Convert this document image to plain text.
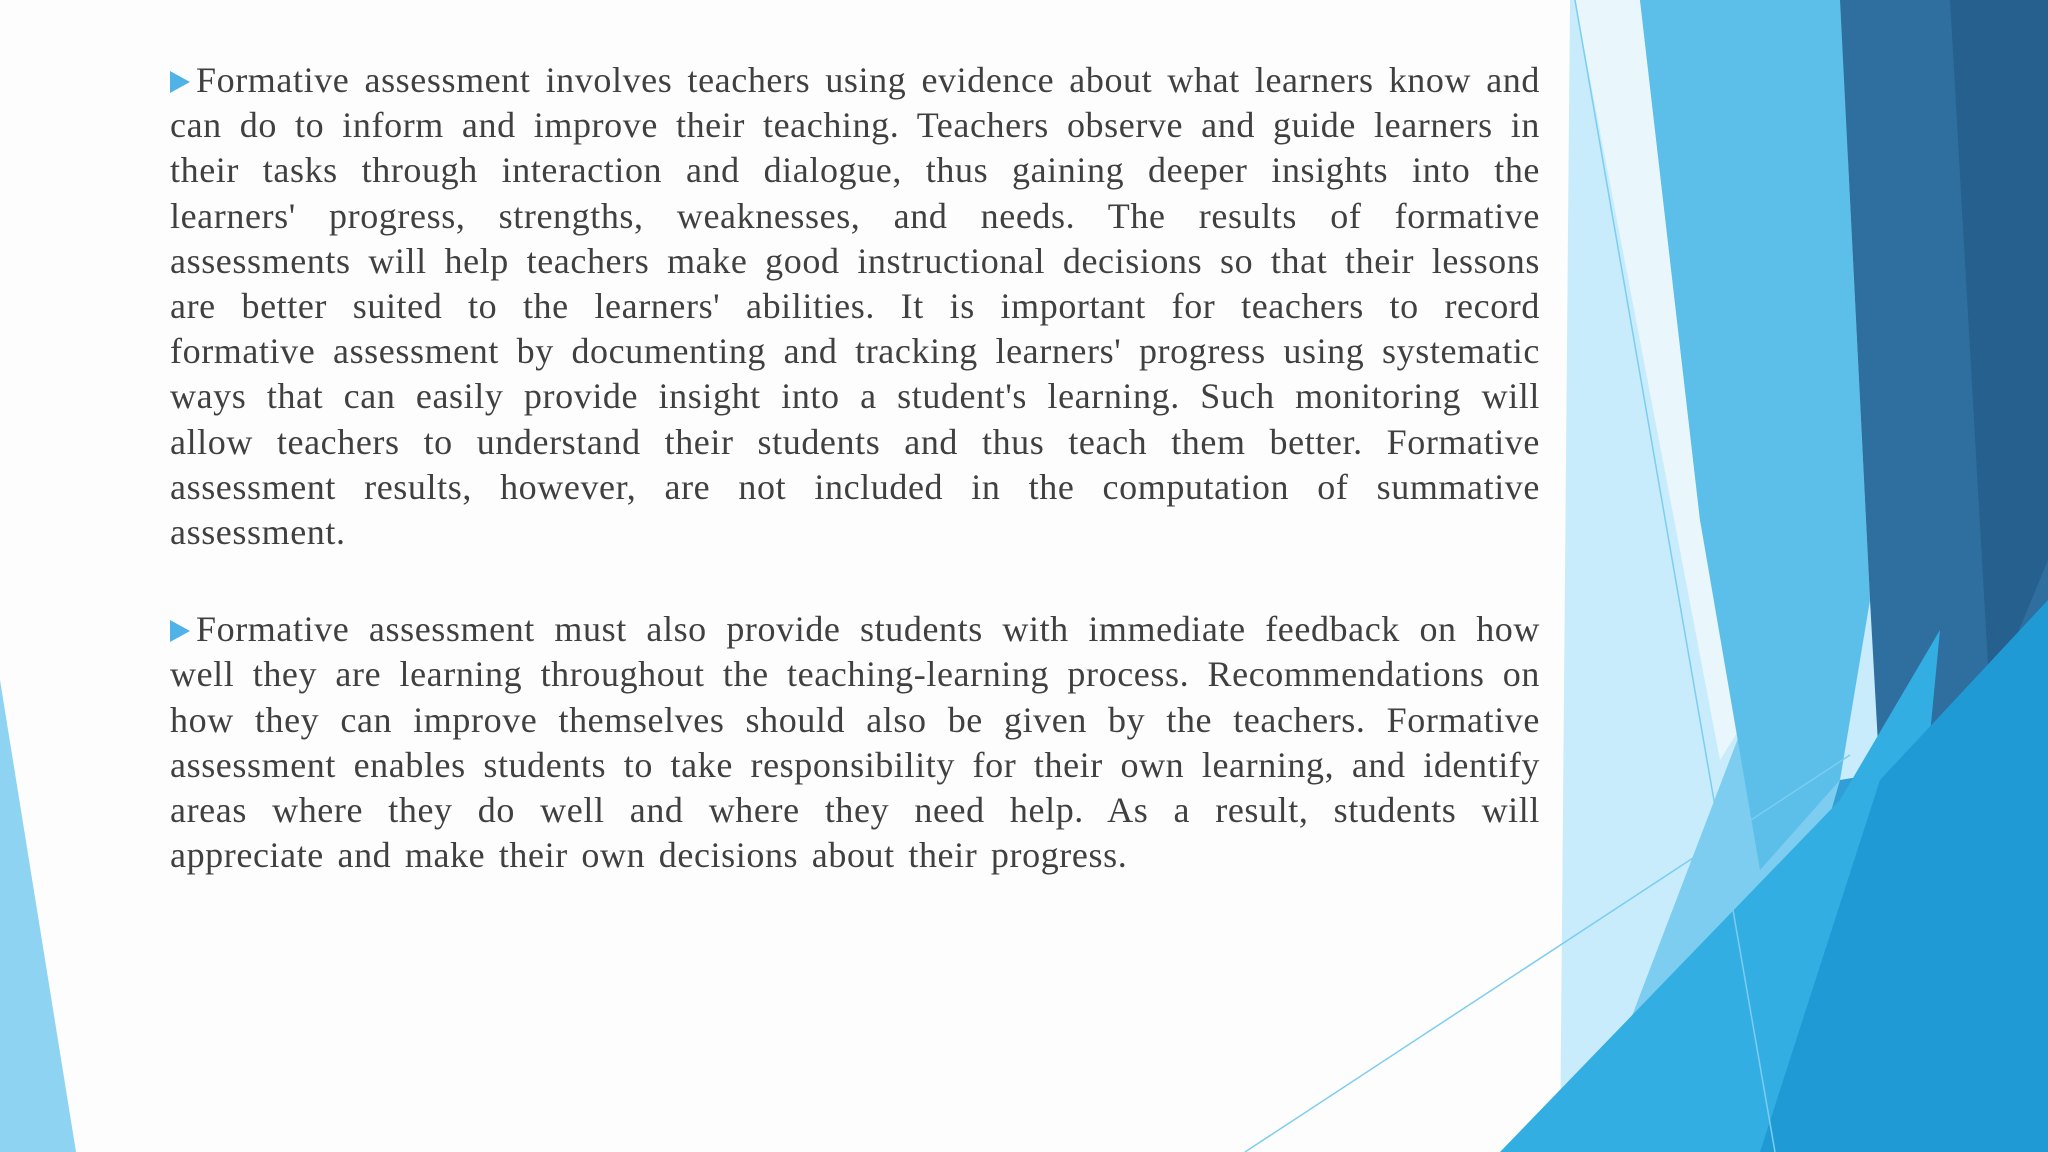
Formative assessment involves teachers using evidence about what learners know and can do to inform and improve their teaching. Teachers observe and guide learners in their tasks through interaction and dialogue, thus gaining deeper insights into the learners' progress, strengths, weaknesses, and needs. The results of formative assessments will help teachers make good instructional decisions so that their lessons are better suited to the learners' abilities. It is important for teachers to record formative assessment by documenting and tracking learners' progress using systematic ways that can easily provide insight into a student's learning. Such monitoring will allow teachers to understand their students and thus teach them better. Formative assessment results, however, are not included in the computation of summative assessment.

Formative assessment must also provide students with immediate feedback on how well they are learning throughout the teaching-learning process. Recommendations on how they can improve themselves should also be given by the teachers. Formative assessment enables students to take responsibility for their own learning, and identify areas where they do well and where they need help. As a result, students will appreciate and make their own decisions about their progress.
